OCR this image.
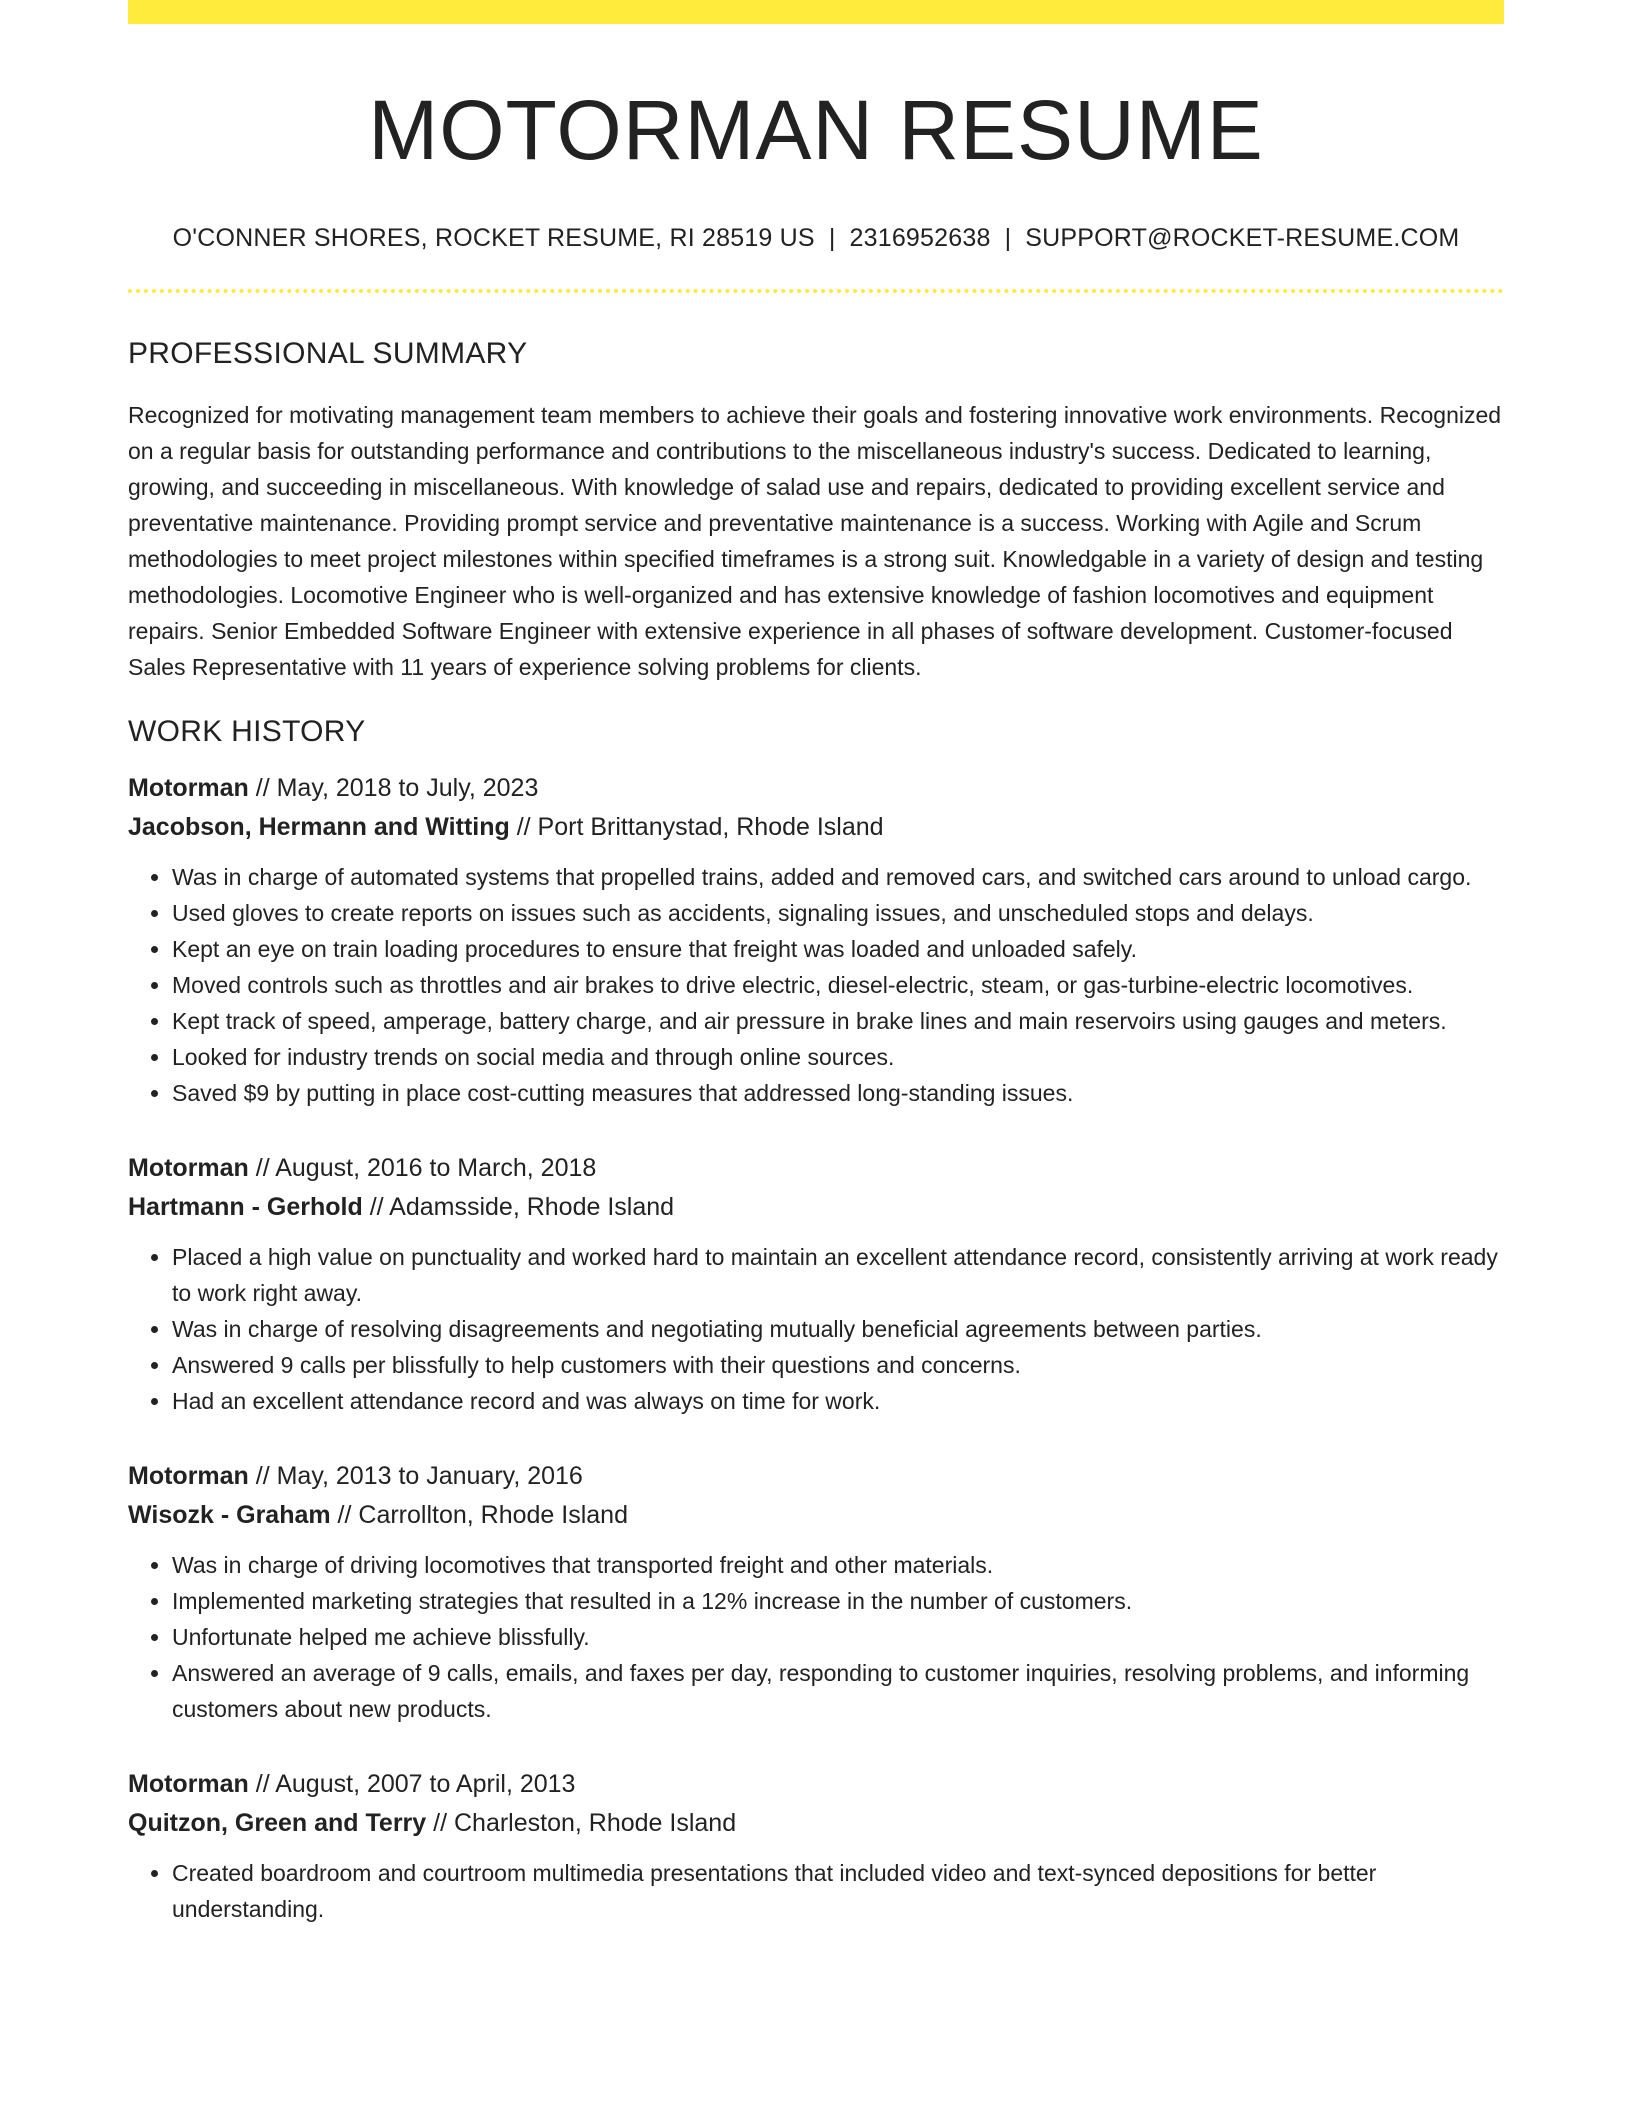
MOTORMAN RESUME
O'CONNER SHORES, ROCKET RESUME, RI 28519 US | 2316952638 | SUPPORT@ROCKET-RESUME.COM
PROFESSIONAL SUMMARY

Recognized for motivating management team members to achieve their goals and fostering innovative work environments. Recognized on a regular basis for outstanding performance and contributions to the miscellaneous industry's success. Dedicated to learning, growing, and succeeding in miscellaneous. With knowledge of salad use and repairs, dedicated to providing excellent service and preventative maintenance. Providing prompt service and preventative maintenance is a success. Working with Agile and Scrum methodologies to meet project milestones within specified timeframes is a strong suit. Knowledgable in a variety of design and testing methodologies. Locomotive Engineer who is well-organized and has extensive knowledge of fashion locomotives and equipment repairs. Senior Embedded Software Engineer with extensive experience in all phases of software development. Customer-focused Sales Representative with 11 years of experience solving problems for clients.

WORK HISTORY
Motorman // May, 2018 to July, 2023
Jacobson, Hermann and Witting // Port Brittanystad, Rhode Island
• Was in charge of automated systems that propelled trains, added and removed cars, and switched cars around to unload cargo.
• Used gloves to create reports on issues such as accidents, signaling issues, and unscheduled stops and delays.
• Kept an eye on train loading procedures to ensure that freight was loaded and unloaded safely.
• Moved controls such as throttles and air brakes to drive electric, diesel-electric, steam, or gas-turbine-electric locomotives.
• Kept track of speed, amperage, battery charge, and air pressure in brake lines and main reservoirs using gauges and meters.
• Looked for industry trends on social media and through online sources.
• Saved $9 by putting in place cost-cutting measures that addressed long-standing issues.
Motorman // August, 2016 to March, 2018
Hartmann - Gerhold // Adamsside, Rhode Island
• Placed a high value on punctuality and worked hard to maintain an excellent attendance record, consistently arriving at work ready to work right away.
• Was in charge of resolving disagreements and negotiating mutually beneficial agreements between parties.
• Answered 9 calls per blissfully to help customers with their questions and concerns.
• Had an excellent attendance record and was always on time for work.
Motorman // May, 2013 to January, 2016
Wisozk - Graham // Carrollton, Rhode Island
• Was in charge of driving locomotives that transported freight and other materials.
• Implemented marketing strategies that resulted in a 12% increase in the number of customers.
• Unfortunate helped me achieve blissfully.
• Answered an average of 9 calls, emails, and faxes per day, responding to customer inquiries, resolving problems, and informing customers about new products.
Motorman // August, 2007 to April, 2013
Quitzon, Green and Terry // Charleston, Rhode Island
• Created boardroom and courtroom multimedia presentations that included video and text-synced depositions for better understanding.
